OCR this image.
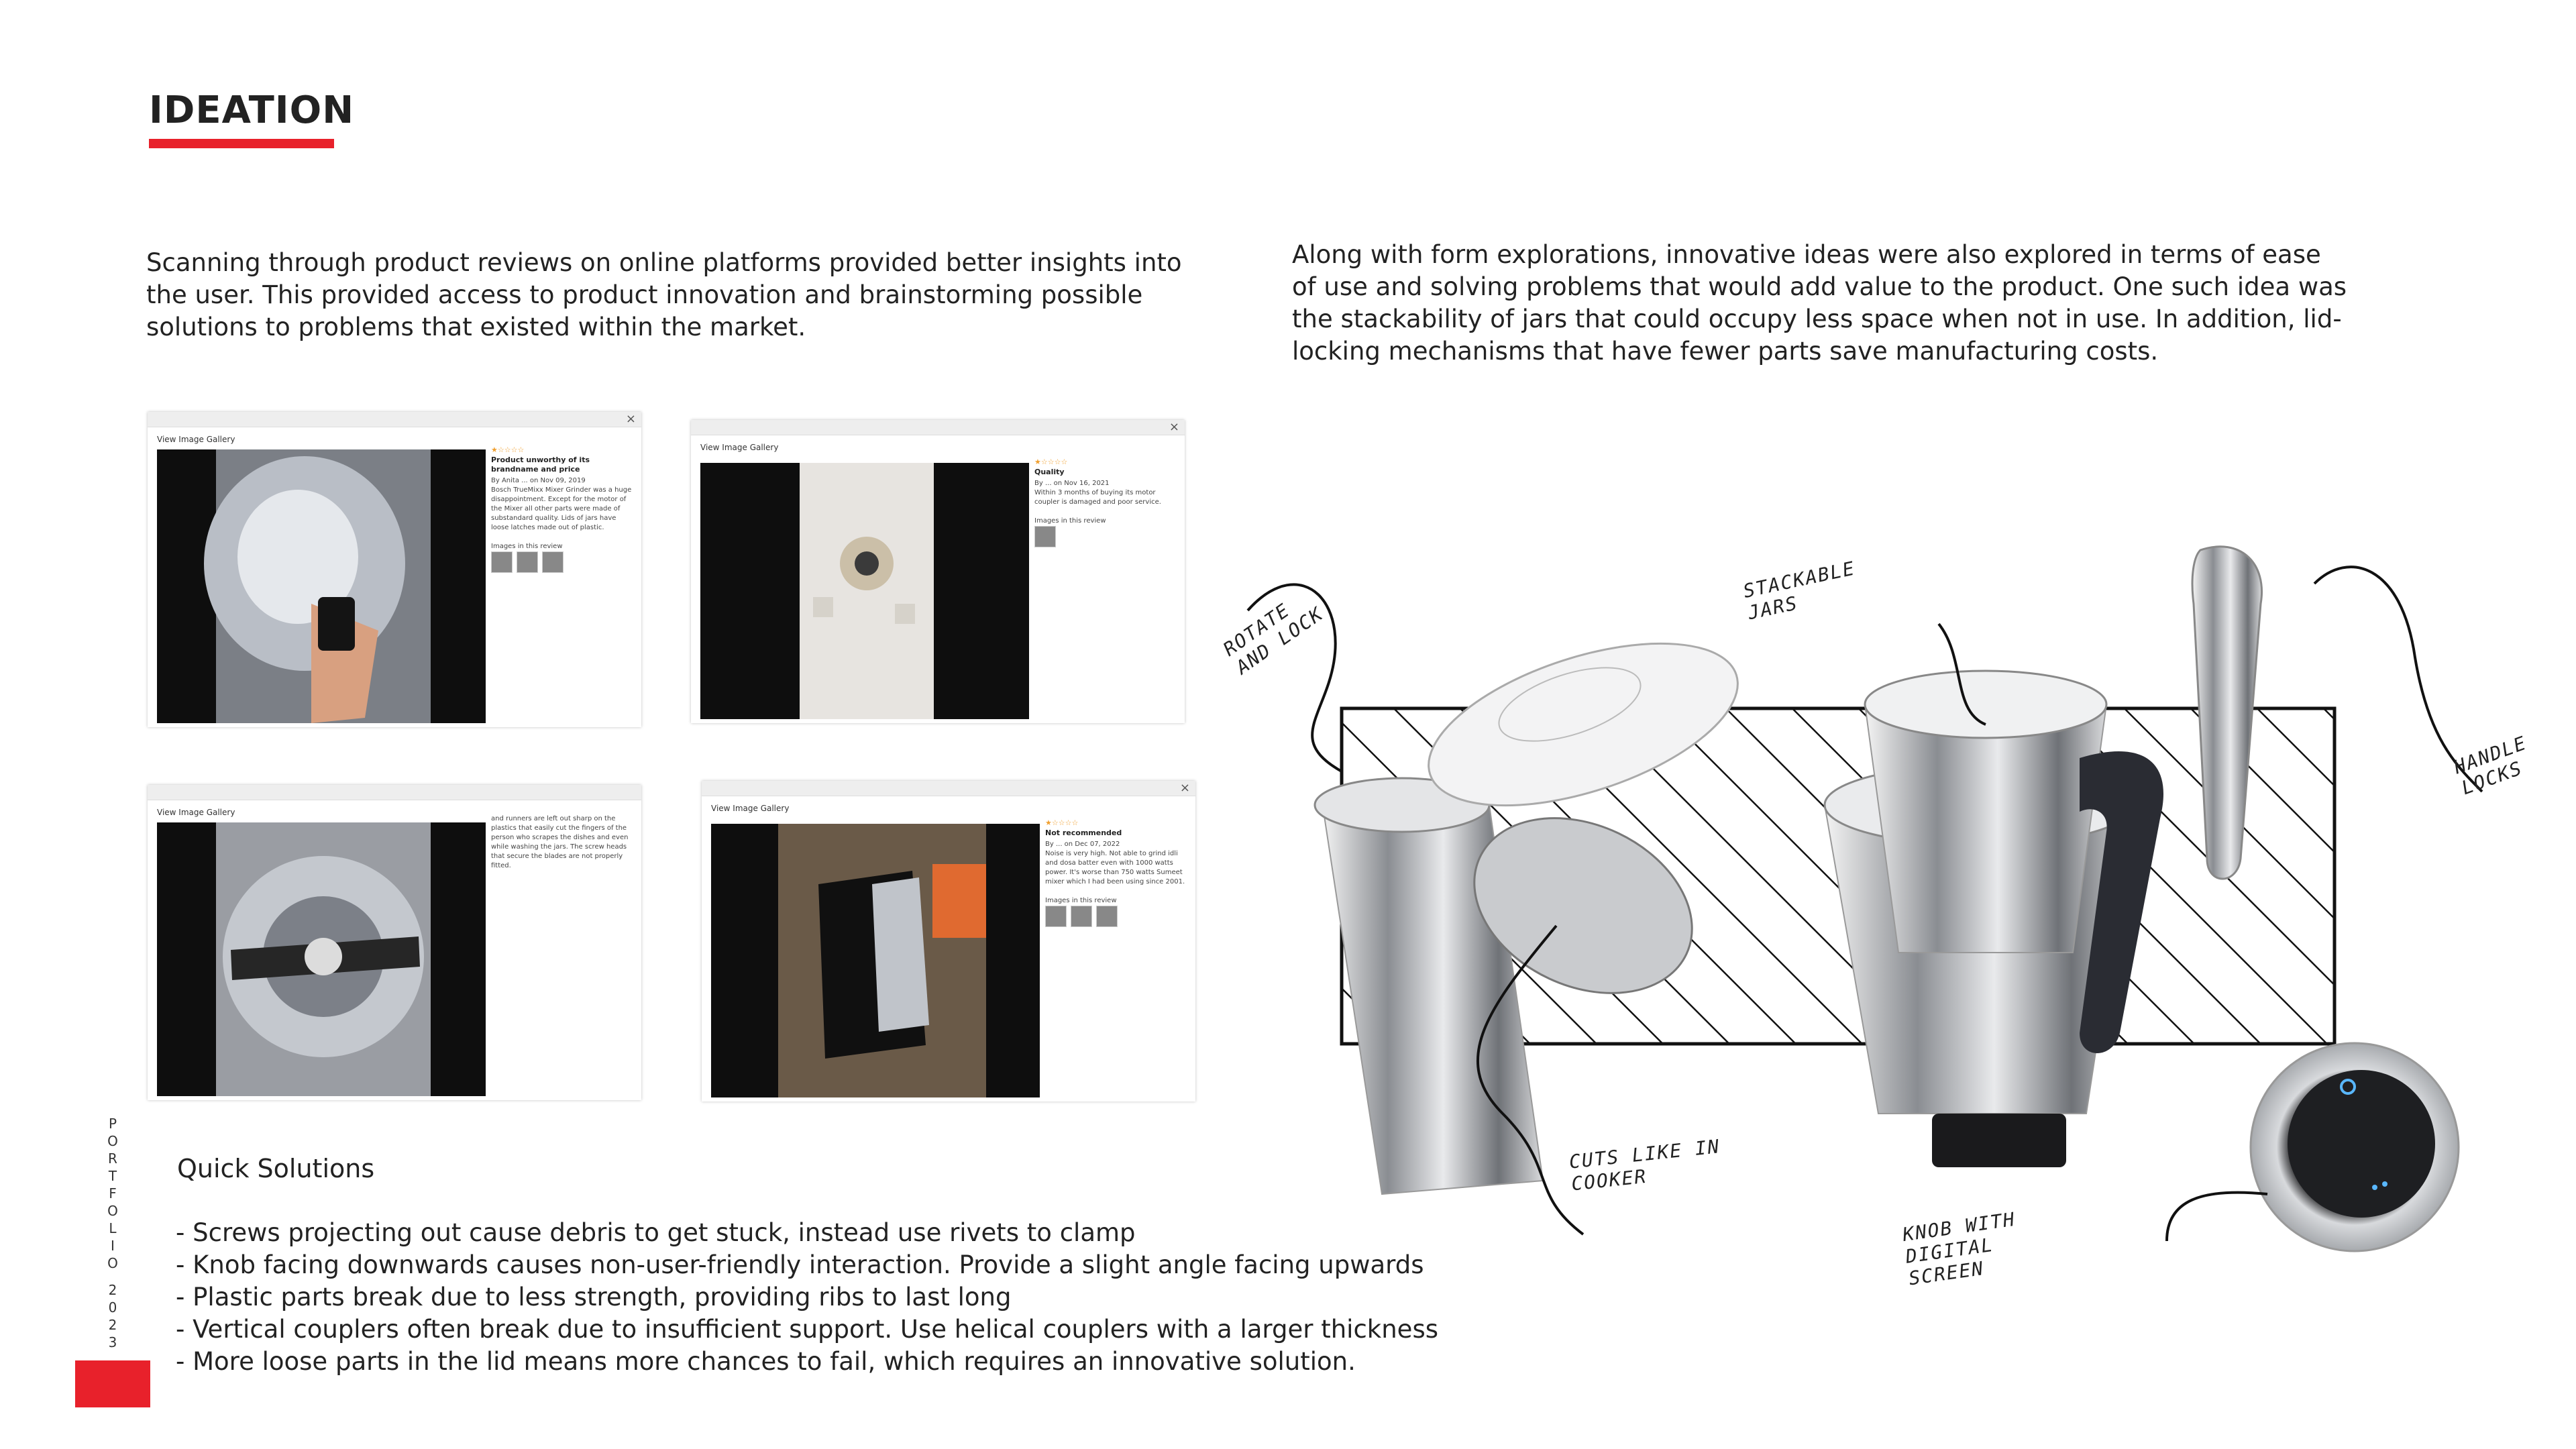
IDEATION
Scanning through product reviews on online platforms provided better insights into the user. This provided access to product innovation and brainstorming possible solutions to problems that existed within the market.
Along with form explorations, innovative ideas were also explored in terms of ease of use and solving problems that would add value to the product. One such idea was the stackability of jars that could occupy less space when not in use. In addition, lid-locking mechanisms that have fewer parts save manufacturing costs.
×
View Image Gallery
★☆☆☆☆
Product unworthy of its brandname and price
By Anita ... on Nov 09, 2019
Bosch TrueMixx Mixer Grinder was a huge disappointment. Except for the motor of the Mixer all other parts were made of substandard quality. Lids of jars have loose latches made out of plastic.

Images in this review

×
View Image Gallery
★☆☆☆☆
Quality
By ... on Nov 16, 2021
Within 3 months of buying its motor coupler is damaged and poor service.

Images in this review

View Image Gallery
and runners are left out sharp on the plastics that easily cut the fingers of the person who scrapes the dishes and even while washing the jars. The screw heads that secure the blades are not properly fitted.
×
View Image Gallery
★☆☆☆☆
Not recommended
By ... on Dec 07, 2022
Noise is very high. Not able to grind idli and dosa batter even with 1000 watts power. It's worse than 750 watts Sumeet mixer which I had been using since 2001.

Images in this review

ROTATE AND LOCK
STACKABLE JARS
HANDLE LOCKS
CUTS LIKE IN COOKER
KNOB WITH DIGITAL SCREEN
Quick Solutions
- Screws projecting out cause debris to get stuck, instead use rivets to clamp
- Knob facing downwards causes non-user-friendly interaction. Provide a slight angle facing upwards
- Plastic parts break due to less strength, providing ribs to last long
- Vertical couplers often break due to insufficient support. Use helical couplers with a larger thickness
- More loose parts in the lid means more chances to fail, which requires an innovative solution.
P
O
R
T
F
O
L
I
O
2
0
2
3
